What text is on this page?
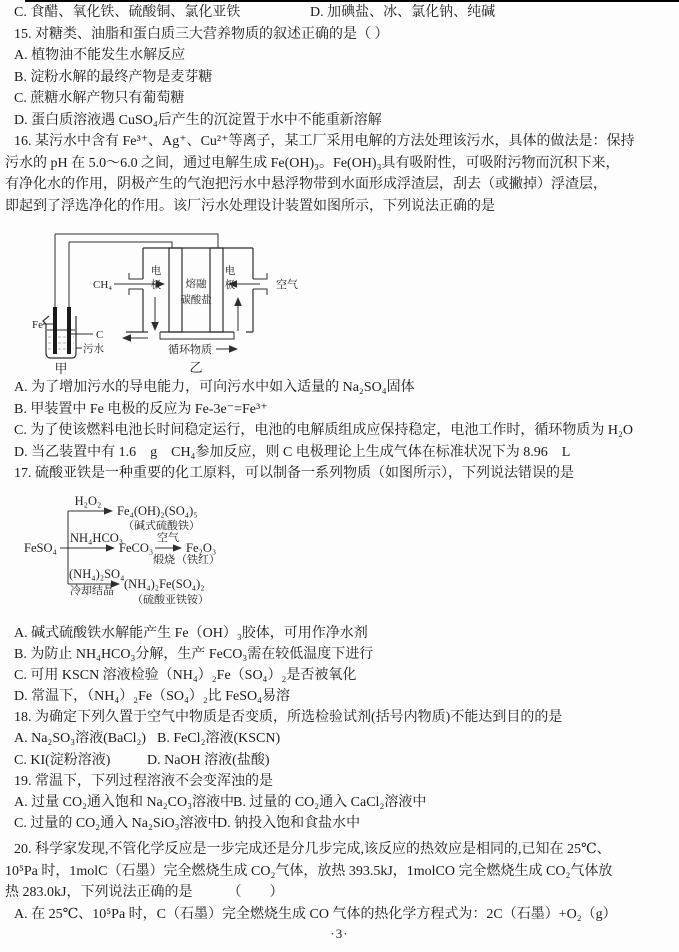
C. 食醋、氧化铁、硫酸铜、氯化亚铁	D. 加碘盐、冰、氯化钠、纯碱
15. 对糖类、油脂和蛋白质三大营养物质的叙述正确的是（ ）
A. 植物油不能发生水解反应
B. 淀粉水解的最终产物是麦芽糖
C. 蔗糖水解产物只有葡萄糖
D. 蛋白质溶液遇 CuSO₄后产生的沉淀置于水中不能重新溶解
16. 某污水中含有 Fe³⁺、Ag⁺、Cu²⁺等离子，某工厂采用电解的方法处理该污水，具体的做法是：保持
污水的 pH 在 5.0～6.0 之间，通过电解生成 Fe(OH)₃。Fe(OH)₃具有吸附性，可吸附污物而沉积下来，
有净化水的作用，阴极产生的气泡把污水中悬浮物带到水面形成浮渣层，刮去（或撇掉）浮渣层，
即起到了浮选净化的作用。该厂污水处理设计装置如图所示，下列说法正确的是
Fe
C
污水
甲
CH₄	空气
电
极
电
极
熔融
碳酸盐
循环物质
乙
A. 为了增加污水的导电能力，可向污水中如入适量的 Na₂SO₄固体
B. 甲装置中 Fe 电极的反应为 Fe-3e⁻=Fe³⁺
C. 为了使该燃料电池长时间稳定运行，电池的电解质组成应保持稳定，电池工作时，循环物质为 H₂O
D. 当乙装置中有 1.6　g　CH₄参加反应，则 C 电极理论上生成气体在标准状况下为 8.96　L
17. 硫酸亚铁是一种重要的化工原料，可以制备一系列物质（如图所示），下列说法错误的是
FeSO₄
H₂O₂
Fe₄(OH)₂(SO₄)₅
（碱式硫酸铁）
NH₄HCO₃
FeCO₃
空气
Fe₂O₃
煅烧 （铁红）
(NH₄)₂SO₄
冷却结晶 (NH₄)₂Fe(SO₄)₂
（硫酸亚铁铵）
A. 碱式硫酸铁水解能产生 Fe（OH）₃胶体，可用作净水剂
B. 为防止 NH₄HCO₃分解，生产 FeCO₃需在较低温度下进行
C. 可用 KSCN 溶液检验（NH₄）₂Fe（SO₄）₂是否被氧化
D. 常温下，（NH₄）₂Fe（SO₄）₂比 FeSO₄易溶
18. 为确定下列久置于空气中物质是否变质，所选检验试剂(括号内物质)不能达到目的的是
A. Na₂SO₃溶液(BaCl₂) B. FeCl₂溶液(KSCN)
C. KI(淀粉溶液)	D. NaOH 溶液(盐酸)
19. 常温下，下列过程溶液不会变浑浊的是
A. 过量 CO₂通入饱和 Na₂CO₃溶液中B. 过量的 CO₂通入 CaCl₂溶液中
C. 过量的 CO₂通入 Na₂SiO₃溶液中D. 钠投入饱和食盐水中
20. 科学家发现,不管化学反应是一步完成还是分几步完成,该反应的热效应是相同的,已知在 25℃、
10⁵Pa 时，1molC（石墨）完全燃烧生成 CO₂气体，放热 393.5kJ，1molCO 完全燃烧生成 CO₂气体放
热 283.0kJ，下列说法正确的是　　　（　　）
A. 在 25℃、10⁵Pa 时，C（石墨）完全燃烧生成 CO 气体的热化学方程式为：2C（石墨）+O₂（g）
·3·
